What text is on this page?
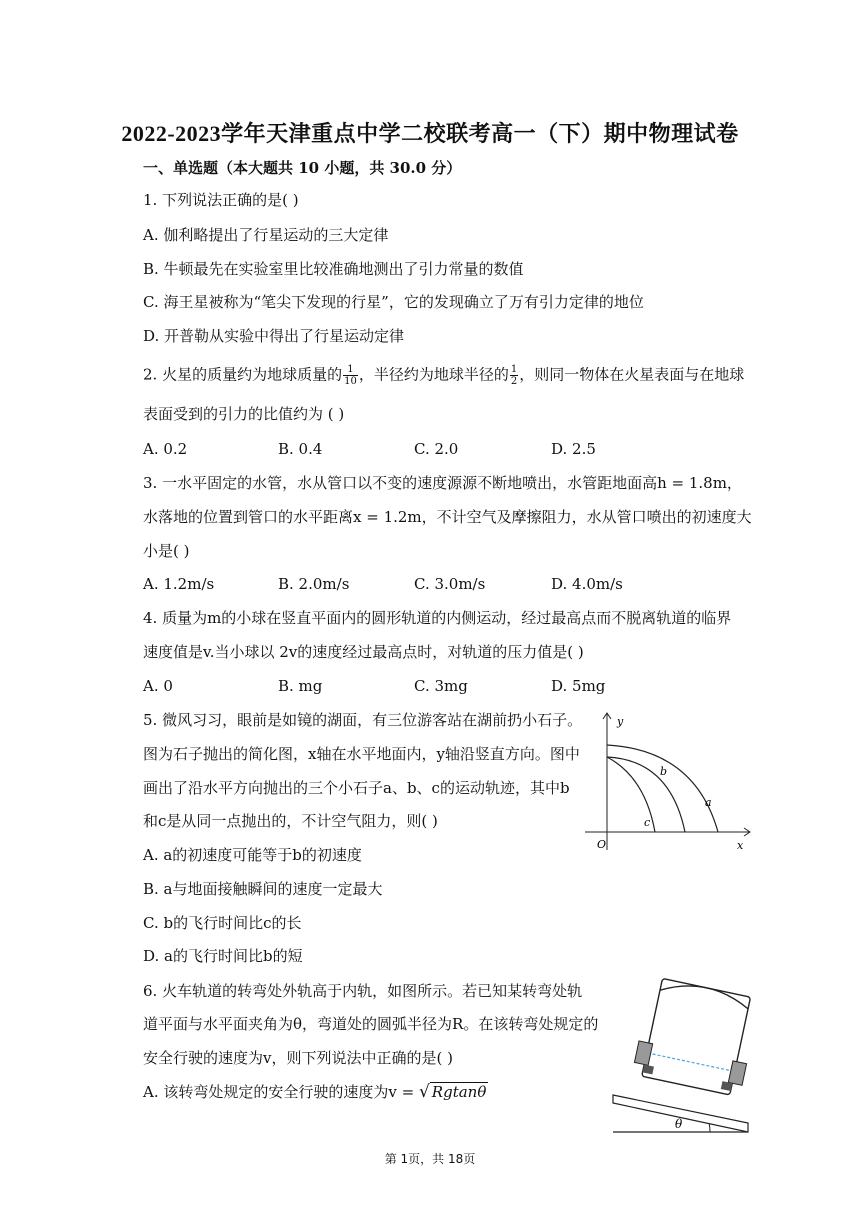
2022-2023学年天津重点中学二校联考高一（下）期中物理试卷
一、单选题（本大题共 10 小题，共 30.0 分）
1. 下列说法正确的是( )
A. 伽利略提出了行星运动的三大定律
B. 牛顿最先在实验室里比较准确地测出了引力常量的数值
C. 海王星被称为“笔尖下发现的行星”，它的发现确立了万有引力定律的地位
D. 开普勒从实验中得出了行星运动定律
2. 火星的质量约为地球质量的 $\frac{1}{10}$ ，半径约为地球半径的 $\frac{1}{2}$ ，则同一物体在火星表面与在地球
表面受到的引力的比值约为 ( )
A. 0.2	B. 0.4	C. 2.0	D. 2.5
3. 一水平固定的水管，水从管口以不变的速度源源不断地喷出，水管距地面高h = 1.8m，
水落地的位置到管口的水平距离x = 1.2m，不计空气及摩擦阻力，水从管口喷出的初速度大
小是( )
A. 1.2m/s	B. 2.0m/s	C. 3.0m/s	D. 4.0m/s
4. 质量为m的小球在竖直平面内的圆形轨道的内侧运动，经过最高点而不脱离轨道的临界
速度值是v.当小球以 2v的速度经过最高点时，对轨道的压力值是( )
A. 0	B. mg	C. 3mg	D. 5mg
5. 微风习习，眼前是如镜的湖面，有三位游客站在湖前扔小石子。
图为石子抛出的简化图，x轴在水平地面内，y轴沿竖直方向。图中
画出了沿水平方向抛出的三个小石子a、b、c的运动轨迹，其中b
和c是从同一点抛出的，不计空气阻力，则( )
A. a的初速度可能等于b的初速度
B. a与地面接触瞬间的速度一定最大
C. b的飞行时间比c的长
D. a的飞行时间比b的短
y
x
O
a
b
c
6. 火车轨道的转弯处外轨高于内轨，如图所示。若已知某转弯处轨
道平面与水平面夹角为θ，弯道处的圆弧半径为R。在该转弯处规定的
安全行驶的速度为v，则下列说法中正确的是( )
A. 该转弯处规定的安全行驶的速度为v = √ Rgtanθ
θ
第 1页，共 18页
